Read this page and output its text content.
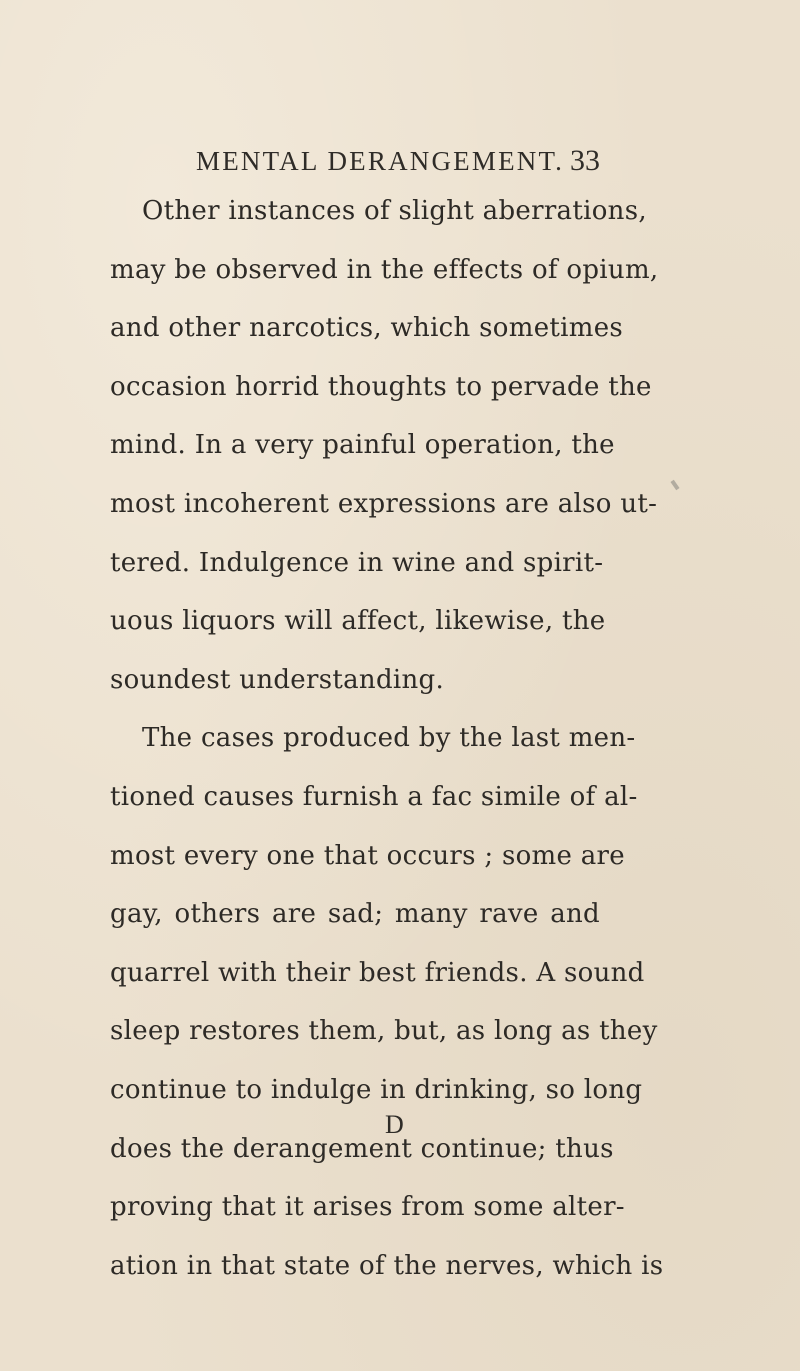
MENTAL DERANGEMENT. 33
Other instances of slight aberrations,
may be observed in the effects of opium,
and other narcotics, which sometimes
occasion horrid thoughts to pervade the
mind. In a very painful operation, the
most incoherent expressions are also ut-
tered. Indulgence in wine and spirit-
uous liquors will affect, likewise, the
soundest understanding.
The cases produced by the last men-
tioned causes furnish a fac simile of al-
most every one that occurs ; some are
gay, others are sad; many rave and
quarrel with their best friends. A sound
sleep restores them, but, as long as they
continue to indulge in drinking, so long
does the derangement continue; thus
proving that it arises from some alter-
ation in that state of the nerves, which is
D
